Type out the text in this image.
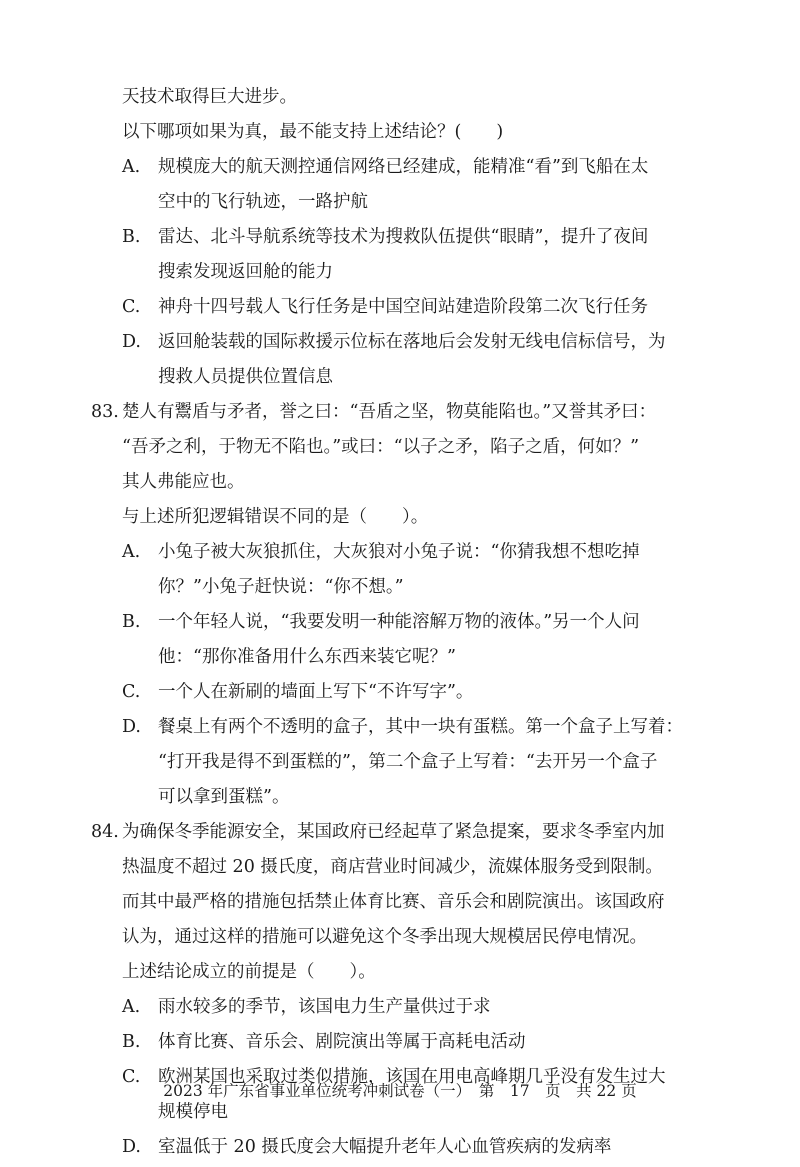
天技术取得巨大进步。
以下哪项如果为真，最不能支持上述结论？(　　)
A. 规模庞大的航天测控通信网络已经建成，能精准“看”到飞船在太
空中的飞行轨迹，一路护航
B. 雷达、北斗导航系统等技术为搜救队伍提供“眼睛”，提升了夜间
搜索发现返回舱的能力
C. 神舟十四号载人飞行任务是中国空间站建造阶段第二次飞行任务
D. 返回舱装载的国际救援示位标在落地后会发射无线电信标信号，为
搜救人员提供位置信息
83. 楚人有鬻盾与矛者，誉之曰：“吾盾之坚，物莫能陷也。”又誉其矛曰：
“吾矛之利，于物无不陷也。”或曰：“以子之矛，陷子之盾，何如？”
其人弗能应也。
与上述所犯逻辑错误不同的是（　　）。
A. 小兔子被大灰狼抓住，大灰狼对小兔子说：“你猜我想不想吃掉
你？”小兔子赶快说：“你不想。”
B. 一个年轻人说，“我要发明一种能溶解万物的液体。”另一个人问
他：“那你准备用什么东西来装它呢？”
C. 一个人在新刷的墙面上写下“不许写字”。
D. 餐桌上有两个不透明的盒子，其中一块有蛋糕。第一个盒子上写着：
“打开我是得不到蛋糕的”，第二个盒子上写着：“去开另一个盒子
可以拿到蛋糕”。
84. 为确保冬季能源安全，某国政府已经起草了紧急提案，要求冬季室内加
热温度不超过 20 摄氏度，商店营业时间减少，流媒体服务受到限制。
而其中最严格的措施包括禁止体育比赛、音乐会和剧院演出。该国政府
认为，通过这样的措施可以避免这个冬季出现大规模居民停电情况。
上述结论成立的前提是（　　）。
A. 雨水较多的季节，该国电力生产量供过于求
B. 体育比赛、音乐会、剧院演出等属于高耗电活动
C. 欧洲某国也采取过类似措施，该国在用电高峰期几乎没有发生过大
规模停电
D. 室温低于 20 摄氏度会大幅提升老年人心血管疾病的发病率
2023 年广东省事业单位统考冲刺试卷（一）　第　17　页　共 22 页
